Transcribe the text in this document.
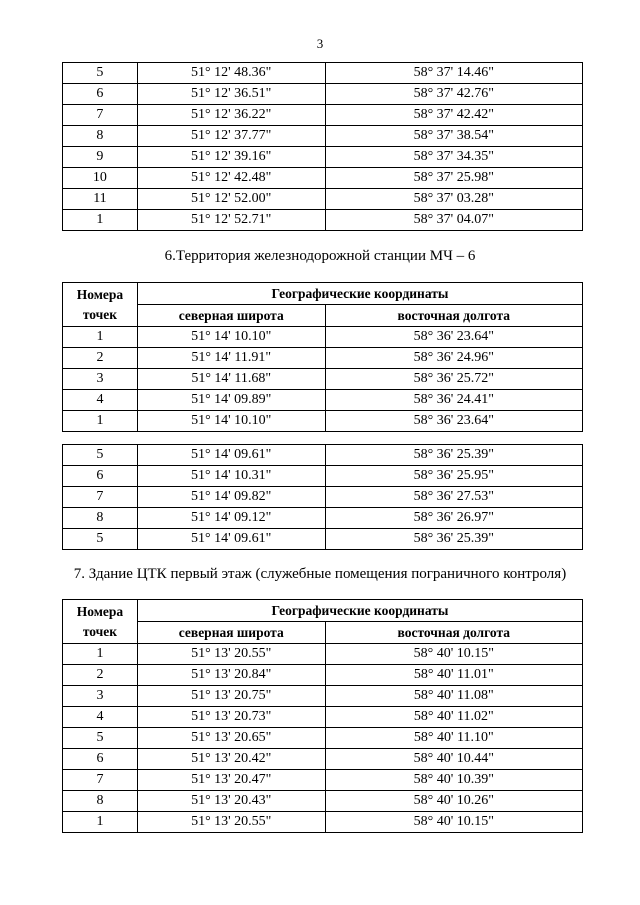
3
5	51° 12' 48.36"	58° 37' 14.46"
6	51° 12' 36.51"	58° 37' 42.76"
7	51° 12' 36.22"	58° 37' 42.42"
8	51° 12' 37.77"	58° 37' 38.54"
9	51° 12' 39.16"	58° 37' 34.35"
10	51° 12' 42.48"	58° 37' 25.98"
11	51° 12' 52.00"	58° 37' 03.28"
1	51° 12' 52.71"	58° 37' 04.07"
6.Территория железнодорожной станции МЧ – 6
Номера точек	Географические координаты	
	северная широта	восточная долгота
1	51° 14' 10.10"	58° 36' 23.64"
2	51° 14' 11.91"	58° 36' 24.96"
3	51° 14' 11.68"	58° 36' 25.72"
4	51° 14' 09.89"	58° 36' 24.41"
1	51° 14' 10.10"	58° 36' 23.64"
5	51° 14' 09.61"	58° 36' 25.39"
6	51° 14' 10.31"	58° 36' 25.95"
7	51° 14' 09.82"	58° 36' 27.53"
8	51° 14' 09.12"	58° 36' 26.97"
5	51° 14' 09.61"	58° 36' 25.39"
7. Здание ЦТК первый этаж (служебные помещения пограничного контроля)
Номера точек	Географические координаты	
	северная широта	восточная долгота
1	51° 13' 20.55"	58° 40' 10.15"
2	51° 13' 20.84"	58° 40' 11.01"
3	51° 13' 20.75"	58° 40' 11.08"
4	51° 13' 20.73"	58° 40' 11.02"
5	51° 13' 20.65"	58° 40' 11.10"
6	51° 13' 20.42"	58° 40' 10.44"
7	51° 13' 20.47"	58° 40' 10.39"
8	51° 13' 20.43"	58° 40' 10.26"
1	51° 13' 20.55"	58° 40' 10.15"
